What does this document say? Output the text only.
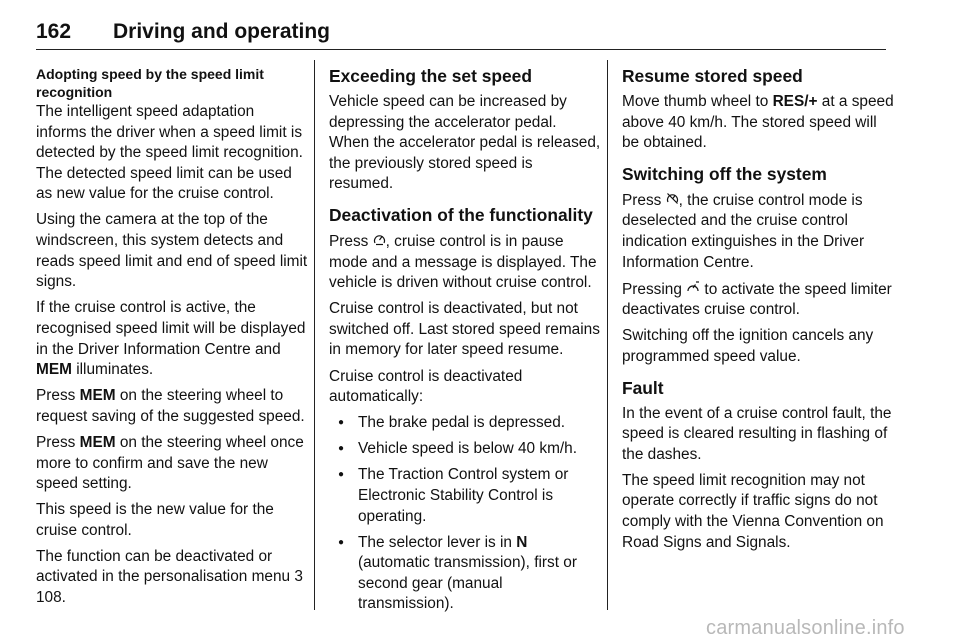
162 Driving and operating

Adopting speed by the speed limit recognition

The intelligent speed adaptation informs the driver when a speed limit is detected by the speed limit recognition. The detected speed limit can be used as new value for the cruise control.

Using the camera at the top of the windscreen, this system detects and reads speed limit and end of speed limit signs.

If the cruise control is active, the recognised speed limit will be displayed in the Driver Information Centre and MEM illuminates.

Press MEM on the steering wheel to request saving of the suggested speed.

Press MEM on the steering wheel once more to confirm and save the new speed setting.

This speed is the new value for the cruise control.

The function can be deactivated or activated in the personalisation menu 3 108.

Exceeding the set speed

Vehicle speed can be increased by depressing the accelerator pedal. When the accelerator pedal is released, the previously stored speed is resumed.

Deactivation of the functionality

Press , cruise control is in pause mode and a message is displayed. The vehicle is driven without cruise control.

Cruise control is deactivated, but not switched off. Last stored speed remains in memory for later speed resume.

Cruise control is deactivated automatically:

● The brake pedal is depressed.
● Vehicle speed is below 40 km/h.
● The Traction Control system or Electronic Stability Control is operating.
● The selector lever is in N (automatic transmission), first or second gear (manual transmission).
Resume stored speed

Move thumb wheel to RES/+ at a speed above 40 km/h. The stored speed will be obtained.

Switching off the system

Press , the cruise control mode is deselected and the cruise control indication extinguishes in the Driver Information Centre.

Pressing  to activate the speed limiter deactivates cruise control.

Switching off the ignition cancels any programmed speed value.

Fault

In the event of a cruise control fault, the speed is cleared resulting in flashing of the dashes.

The speed limit recognition may not operate correctly if traffic signs do not comply with the Vienna Convention on Road Signs and Signals.

carmanualsonline.info
